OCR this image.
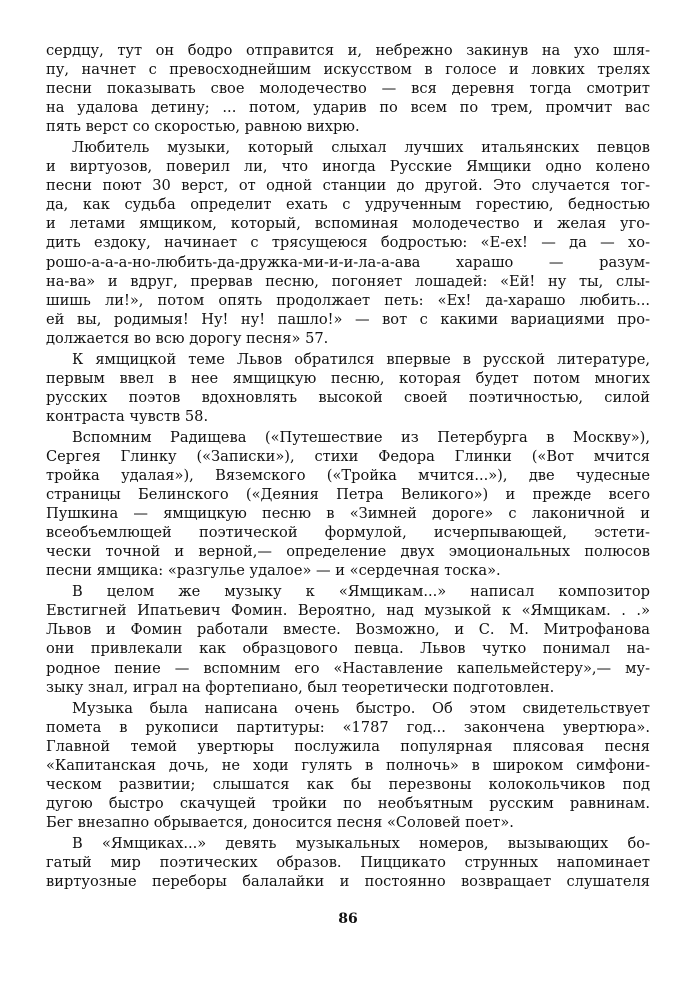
сердцу, тут он бодро отправится и, небрежно закинув на ухо шля-
пу, начнет с превосходнейшим искусством в голосе и ловких трелях
песни показывать свое молодечество — вся деревня тогда смотрит
на удалова детину; ... потом, ударив по всем по трем, промчит вас
пять верст со скоростью, равною вихрю.
Любитель музыки, который слыхал лучших итальянских певцов
и виртуозов, поверил ли, что иногда Русские Ямщики одно колено
песни поют 30 верст, от одной станции до другой. Это случается тог-
да, как судьба определит ехать с удрученным горестию, бедностью
и летами ямщиком, который, вспоминая молодечество и желая уго-
дить ездоку, начинает с трясущеюся бодростью: «Е-ех! — да — хо-
рошо-а-а-а-но-любить-да-дружка-ми-и-и-ла-а-ава харашо — разум-
на-ва» и вдруг, прервав песню, погоняет лошадей: «Ей! ну ты, слы-
шишь ли!», потом опять продолжает петь: «Ех! да-харашо любить...
ей вы, родимыя! Ну! ну! пашло!» — вот с какими вариациями про-
должается во всю дорогу песня» 57.
К ямщицкой теме Львов обратился впервые в русской литературе,
первым ввел в нее ямщицкую песню, которая будет потом многих
русских поэтов вдохновлять высокой своей поэтичностью, силой
контраста чувств 58.
Вспомним Радищева («Путешествие из Петербурга в Москву»),
Сергея Глинку («Записки»), стихи Федора Глинки («Вот мчится
тройка удалая»), Вяземского («Тройка мчится...»), две чудесные
страницы Белинского («Деяния Петра Великого») и прежде всего
Пушкина — ямщицкую песню в «Зимней дороге» с лаконичной и
всеобъемлющей поэтической формулой, исчерпывающей, эстети-
чески точной и верной,— определение двух эмоциональных полюсов
песни ямщика: «разгулье удалое» — и «сердечная тоска».
В целом же музыку к «Ямщикам...» написал композитор
Евстигней Ипатьевич Фомин. Вероятно, над музыкой к «Ямщикам. . .»
Львов и Фомин работали вместе. Возможно, и С. М. Митрофанова
они привлекали как образцового певца. Львов чутко понимал на-
родное пение — вспомним его «Наставление капельмейстеру»,— му-
зыку знал, играл на фортепиано, был теоретически подготовлен.
Музыка была написана очень быстро. Об этом свидетельствует
помета в рукописи партитуры: «1787 год... закончена увертюра».
Главной темой увертюры послужила популярная плясовая песня
«Капитанская дочь, не ходи гулять в полночь» в широком симфони-
ческом развитии; слышатся как бы перезвоны колокольчиков под
дугою быстро скачущей тройки по необъятным русским равнинам.
Бег внезапно обрывается, доносится песня «Соловей поет».
В «Ямщиках...» девять музыкальных номеров, вызывающих бо-
гатый мир поэтических образов. Пиццикато струнных напоминает
виртуозные переборы балалайки и постоянно возвращает слушателя
86
